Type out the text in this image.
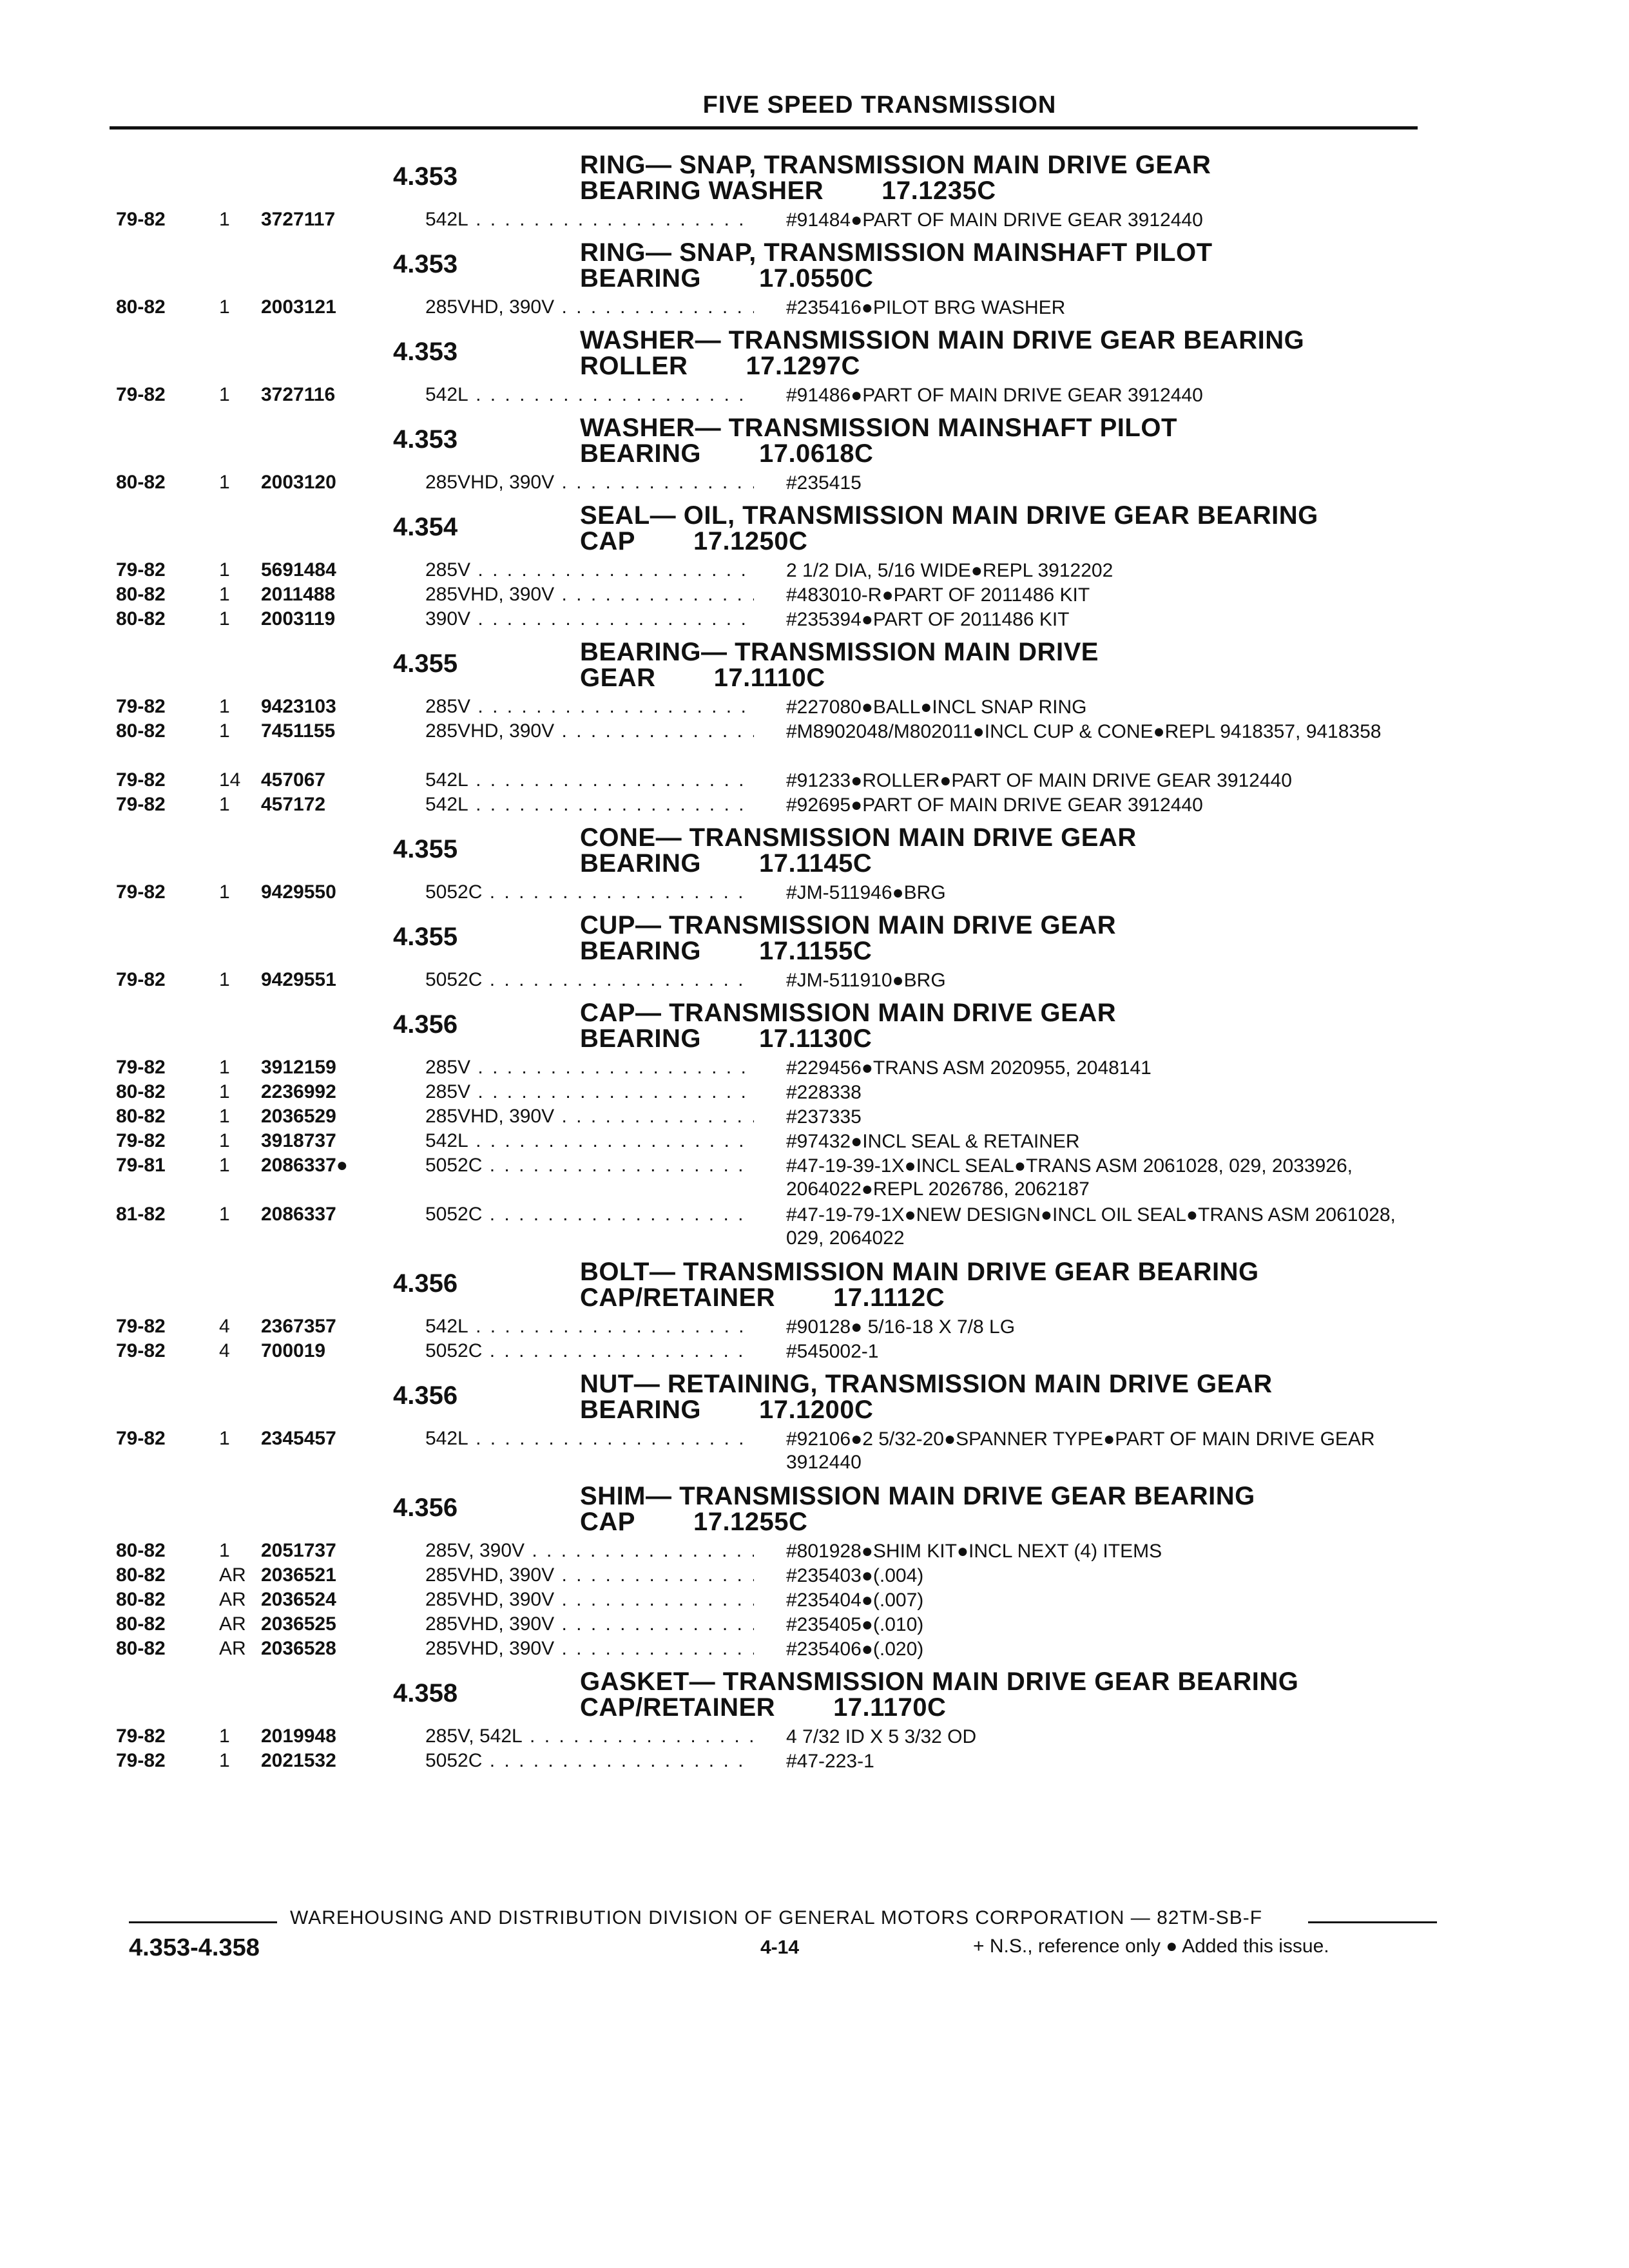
FIVE SPEED TRANSMISSION
4.353	RING— SNAP, TRANSMISSION MAIN DRIVE GEAR
BEARING WASHER 17.1235C
79-82	1 3727117	542L . . .	#91484●PART OF MAIN DRIVE GEAR 3912440
4.353	RING— SNAP, TRANSMISSION MAINSHAFT PILOT
BEARING 17.0550C
80-82	1 2003121	285VHD, 390V . . .	#235416●PILOT BRG WASHER
4.353	WASHER— TRANSMISSION MAIN DRIVE GEAR BEARING
ROLLER 17.1297C
79-82	1 3727116	542L . . .	#91486●PART OF MAIN DRIVE GEAR 3912440
4.353	WASHER— TRANSMISSION MAINSHAFT PILOT
BEARING 17.0618C
80-82	1 2003120	285VHD, 390V . . .	#235415
4.354	SEAL— OIL, TRANSMISSION MAIN DRIVE GEAR BEARING
CAP 17.1250C
79-82	1 5691484	285V . . .	2 1/2 DIA, 5/16 WIDE●REPL 3912202
80-82	1 2011488	285VHD, 390V . . .	#483010-R●PART OF 2011486 KIT
80-82	1 2003119	390V . . .	#235394●PART OF 2011486 KIT
4.355	BEARING— TRANSMISSION MAIN DRIVE
GEAR 17.1110C
79-82	1 9423103	285V . . .	#227080●BALL●INCL SNAP RING
80-82	1 7451155	285VHD, 390V . . .	#M8902048/M802011●INCL CUP & CONE●REPL 9418357, 9418358
79-82	14 457067	542L . . .	#91233●ROLLER●PART OF MAIN DRIVE GEAR 3912440
79-82	1 457172	542L . . .	#92695●PART OF MAIN DRIVE GEAR 3912440
4.355	CONE— TRANSMISSION MAIN DRIVE GEAR
BEARING 17.1145C
79-82	1 9429550	5052C . . .	#JM-511946●BRG
4.355	CUP— TRANSMISSION MAIN DRIVE GEAR
BEARING 17.1155C
79-82	1 9429551	5052C . . .	#JM-511910●BRG
4.356	CAP— TRANSMISSION MAIN DRIVE GEAR
BEARING 17.1130C
79-82	1 3912159	285V . . .	#229456●TRANS ASM 2020955, 2048141
80-82	1 2236992	285V . . .	#228338
80-82	1 2036529	285VHD, 390V . . .	#237335
79-82	1 3918737	542L . . .	#97432●INCL SEAL & RETAINER
79-81	1 2086337●	5052C . . .	#47-19-39-1X●INCL SEAL●TRANS ASM 2061028, 029, 2033926, 2064022●REPL 2026786, 2062187
81-82	1 2086337	5052C . . .	#47-19-79-1X●NEW DESIGN●INCL OIL SEAL●TRANS ASM 2061028, 029, 2064022
4.356	BOLT— TRANSMISSION MAIN DRIVE GEAR BEARING
CAP/RETAINER 17.1112C
79-82	4 2367357	542L . . .	#90128● 5/16-18 X 7/8 LG
79-82	4 700019	5052C . . .	#545002-1
4.356	NUT— RETAINING, TRANSMISSION MAIN DRIVE GEAR
BEARING 17.1200C
79-82	1 2345457	542L . . .	#92106●2 5/32-20●SPANNER TYPE●PART OF MAIN DRIVE GEAR 3912440
4.356	SHIM— TRANSMISSION MAIN DRIVE GEAR BEARING
CAP 17.1255C
80-82	1 2051737	285V, 390V . . .	#801928●SHIM KIT●INCL NEXT (4) ITEMS
80-82	AR 2036521	285VHD, 390V . . .	#235403●(.004)
80-82	AR 2036524	285VHD, 390V . . .	#235404●(.007)
80-82	AR 2036525	285VHD, 390V . . .	#235405●(.010)
80-82	AR 2036528	285VHD, 390V . . .	#235406●(.020)
4.358	GASKET— TRANSMISSION MAIN DRIVE GEAR BEARING
CAP/RETAINER 17.1170C
79-82	1 2019948	285V, 542L . . .	4 7/32 ID X 5 3/32 OD
79-82	1 2021532	5052C . . .	#47-223-1
WAREHOUSING AND DISTRIBUTION DIVISION OF GENERAL MOTORS CORPORATION — 82TM-SB-F
4.353-4.358	4-14	+ N.S., reference only ● Added this issue.
